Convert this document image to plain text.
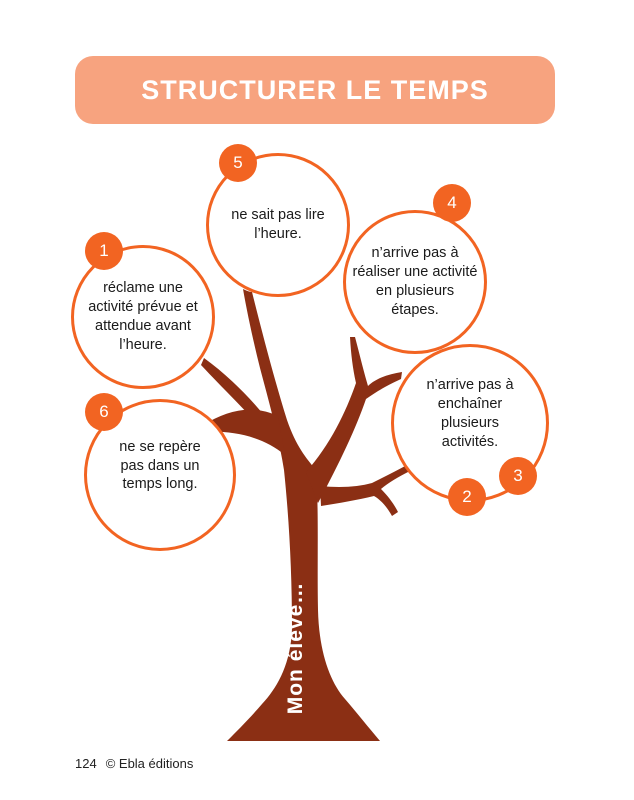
STRUCTURER LE TEMPS
Mon élève…
ne sait pas lire l’heure.
n’arrive pas à réaliser une activité en plusieurs étapes.
réclame une activité prévue et attendue avant l’heure.
n’arrive pas à enchaîner plusieurs activités.
ne se repère pas dans un temps long.
5
4
1
2
3
6
124 © Ebla éditions
